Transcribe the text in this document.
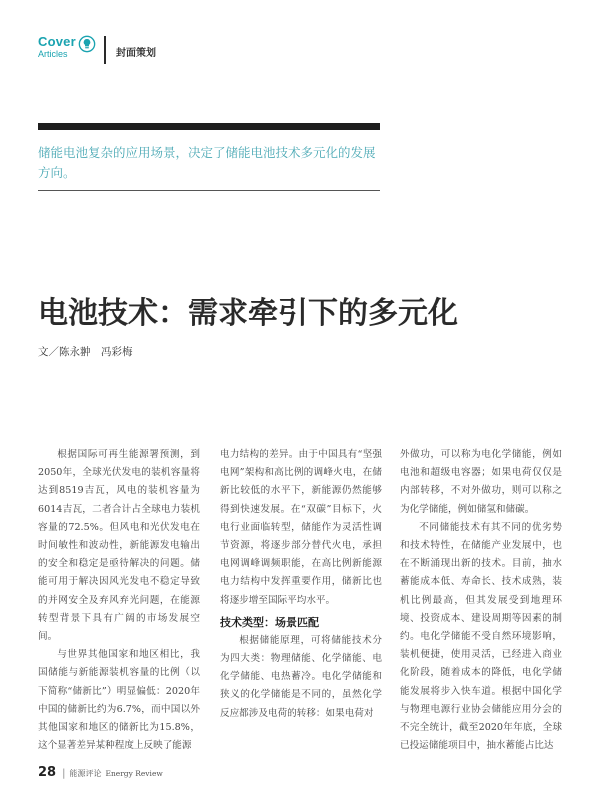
Cover
Articles	封面策划
储能电池复杂的应用场景，决定了储能电池技术多元化的发展方向。
电池技术：需求牵引下的多元化
文／陈永翀　冯彩梅

根据国际可再生能源署预测，到2050年，全球光伏发电的装机容量将达到8519吉瓦，风电的装机容量为6014吉瓦，二者合计占全球电力装机容量的72.5%。但风电和光伏发电在时间敏性和波动性，新能源发电输出的安全和稳定是亟待解决的问题。储能可用于解决因风光发电不稳定导致的并网安全及弃风弃光问题，在能源转型背景下具有广阔的市场发展空间。

与世界其他国家和地区相比，我国储能与新能源装机容量的比例（以下简称“储新比”）明显偏低：2020年中国的储新比约为6.7%，而中国以外其他国家和地区的储新比为15.8%，这个显著差异某种程度上反映了能源

电力结构的差异。由于中国具有“坚强电网”架构和高比例的调峰火电，在储新比较低的水平下，新能源仍然能够得到快速发展。在“双碳”目标下，火电行业面临转型，储能作为灵活性调节资源，将逐步部分替代火电，承担电网调峰调频职能，在高比例新能源电力结构中发挥重要作用，储新比也将逐步增至国际平均水平。

技术类型：场景匹配

根据储能原理，可将储能技术分为四大类：物理储能、化学储能、电化学储能、电热蓄冷。电化学储能和狭义的化学储能是不同的，虽然化学反应都涉及电荷的转移：如果电荷对

外做功，可以称为电化学储能，例如电池和超级电容器；如果电荷仅仅是内部转移，不对外做功，则可以称之为化学储能，例如储氢和储碳。

不同储能技术有其不同的优劣势和技术特性，在储能产业发展中，也在不断涌现出新的技术。目前，抽水蓄能成本低、寿命长、技术成熟，装机比例最高，但其发展受到地理环境、投资成本、建设周期等因素的制约。电化学储能不受自然环境影响，装机便捷，使用灵活，已经进入商业化阶段，随着成本的降低，电化学储能发展将步入快车道。根据中国化学与物理电源行业协会储能应用分会的不完全统计，截至2020年年底，全球已投运储能项目中，抽水蓄能占比达

28 | 能源评论 Energy Review
